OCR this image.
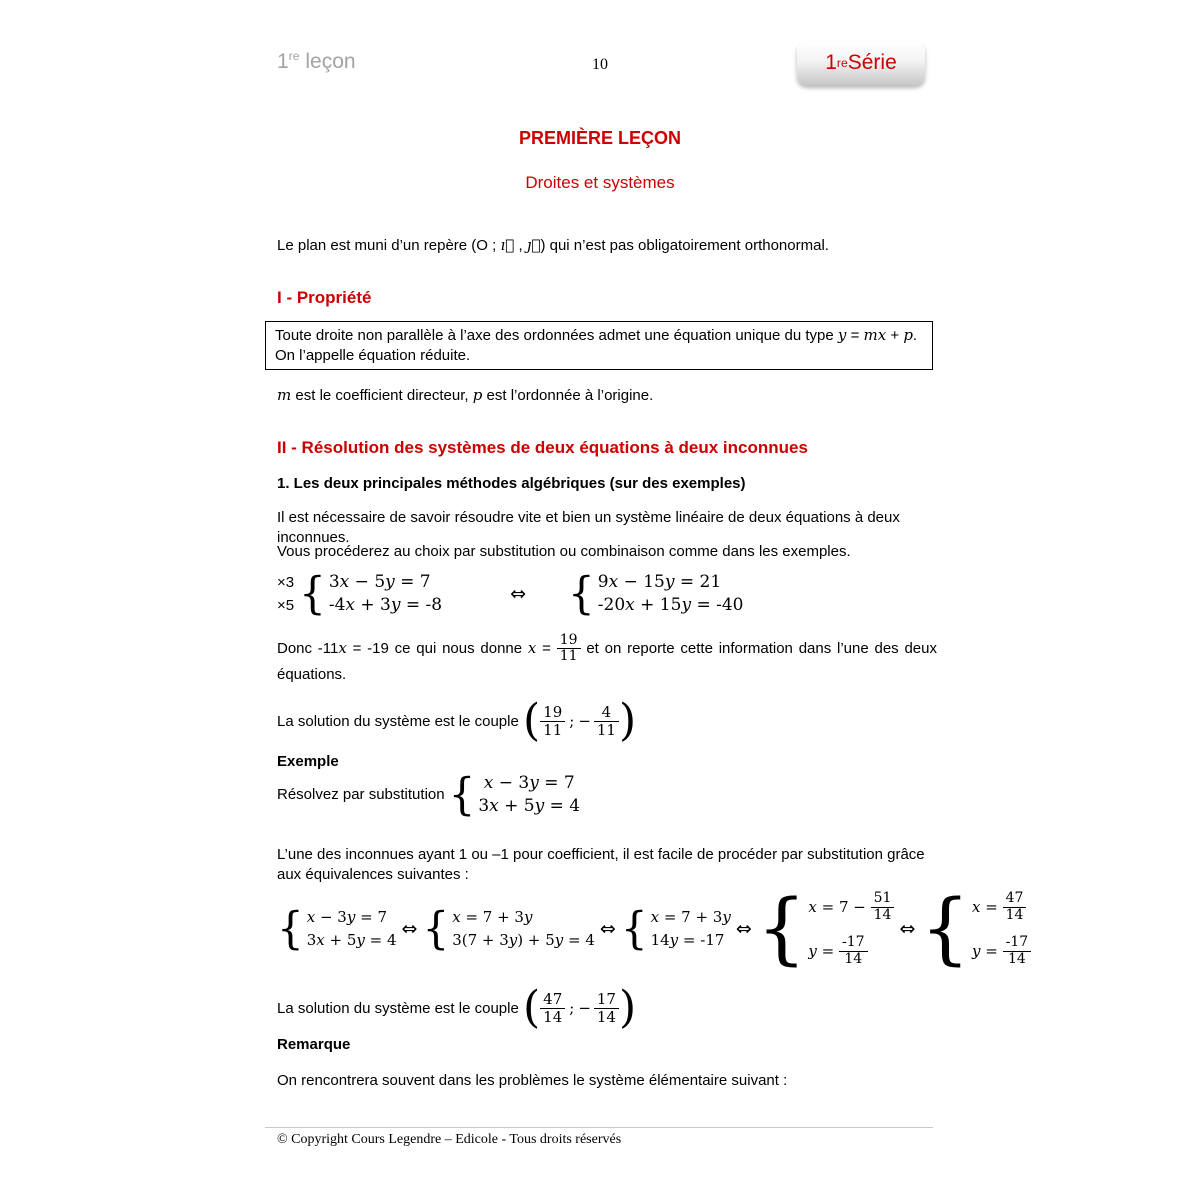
1re leçon	10	1 re Série
PREMIÈRE LEÇON
Droites et systèmes
Le plan est muni d’un repère (O ; ı⃗ , ȷ⃗) qui n’est pas obligatoirement orthonormal.
I - Propriété
Toute droite non parallèle à l’axe des ordonnées admet une équation unique du type y = mx + p.
On l’appelle équation réduite.
m est le coefficient directeur, p est l’ordonnée à l’origine.
II - Résolution des systèmes de deux équations à deux inconnues
1. Les deux principales méthodes algébriques (sur des exemples)
Il est nécessaire de savoir résoudre vite et bien un système linéaire de deux équations à deux inconnues.
Vous procéderez au choix par substitution ou combinaison comme dans les exemples.
×3
×5 { 3x − 5y = 7
-4x + 3y = -8	⇔ { 9x − 15y = 21
-20x + 15y = -40
Donc -11x = -19 ce qui nous donne $x = \frac{19}{11}$ et on reporte cette information dans l’une des deux équations.
La solution du système est le couple
( $\frac{19}{11}$ ; − $\frac{4}{11}$ )
Exemple
Résolvez par substitution { x − 3y = 7
3x + 5y = 4
L’une des inconnues ayant 1 ou –1 pour coefficient, il est facile de procéder par substitution grâce aux équivalences suivantes :
{ x − 3y = 7
3x + 5y = 4 ⇔ { x = 7 + 3y
3(7 + 3y) + 5y = 4 ⇔ { x = 7 + 3y
14y = -17 ⇔ { $x = 7 - \frac{51}{14}$
$y = \frac{-17}{14}$
⇔ { $x = \frac{47}{14}$
$y = \frac{-17}{14}$
La solution du système est le couple
( $\frac{47}{14}$ ; − $\frac{17}{14}$ )
Remarque
On rencontrera souvent dans les problèmes le système élémentaire suivant :
© Copyright Cours Legendre – Edicole - Tous droits réservés
